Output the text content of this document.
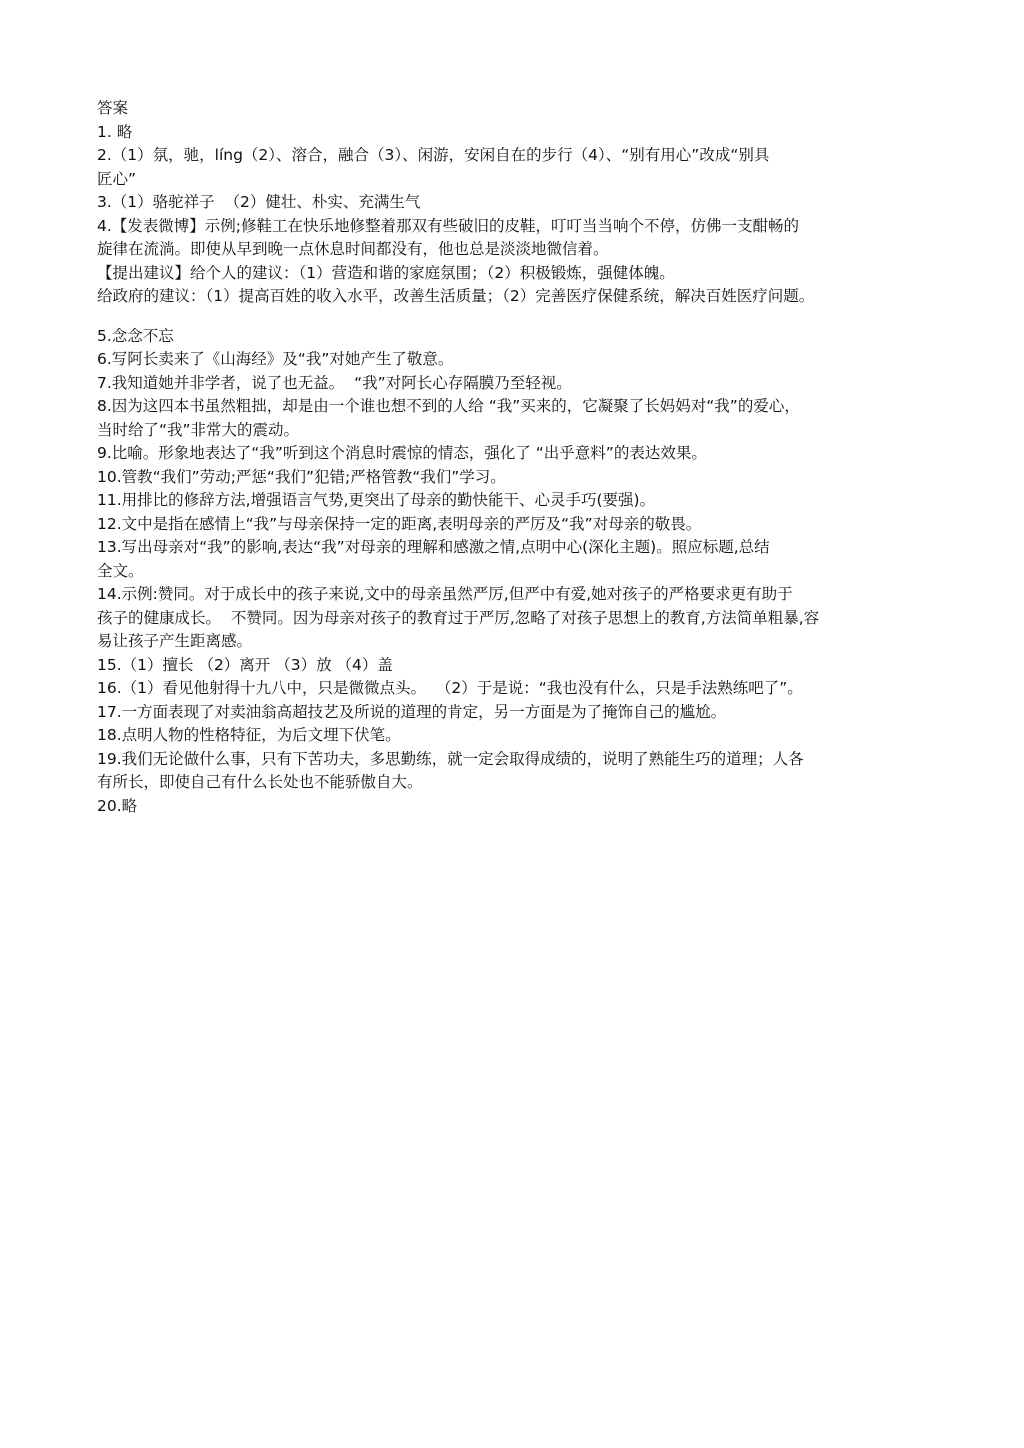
答案
1. 略
2.（1）氛，驰，líng（2）、溶合，融合（3）、闲游，安闲自在的步行（4）、“别有用心”改成“别具
匠心”
3.（1）骆驼祥子  （2）健壮、朴实、充满生气
4.【发表微博】示例;修鞋工在快乐地修整着那双有些破旧的皮鞋，叮叮当当响个不停，仿佛一支酣畅的
旋律在流淌。即使从早到晚一点休息时间都没有，他也总是淡淡地微信着。
【提出建议】给个人的建议：（1）营造和谐的家庭氛围；（2）积极锻炼，强健体魄。
给政府的建议：（1）提高百姓的收入水平，改善生活质量；（2）完善医疗保健系统，解决百姓医疗问题。
5.念念不忘
6.写阿长卖来了《山海经》及“我”对她产生了敬意。
7.我知道她并非学者，说了也无益。  “我”对阿长心存隔膜乃至轻视。
8.因为这四本书虽然粗拙，却是由一个谁也想不到的人给 “我”买来的，它凝聚了长妈妈对“我”的爱心，
当时给了“我”非常大的震动。
9.比喻。形象地表达了“我”听到这个消息时震惊的情态，强化了 “出乎意料”的表达效果。
10.管教“我们”劳动;严惩“我们”犯错;严格管教“我们”学习。
11.用排比的修辞方法,增强语言气势,更突出了母亲的勤快能干、心灵手巧(要强)。
12.文中是指在感情上“我”与母亲保持一定的距离,表明母亲的严厉及“我”对母亲的敬畏。
13.写出母亲对“我”的影响,表达“我”对母亲的理解和感激之情,点明中心(深化主题)。照应标题,总结
全文。
14.示例:赞同。对于成长中的孩子来说,文中的母亲虽然严厉,但严中有爱,她对孩子的严格要求更有助于
孩子的健康成长。  不赞同。因为母亲对孩子的教育过于严厉,忽略了对孩子思想上的教育,方法简单粗暴,容
易让孩子产生距离感。
15.（1）擅长 （2）离开 （3）放 （4）盖
16.（1）看见他射得十九八中，只是微微点头。  （2）于是说：“我也没有什么，只是手法熟练吧了”。
17.一方面表现了对卖油翁高超技艺及所说的道理的肯定，另一方面是为了掩饰自己的尴尬。
18.点明人物的性格特征，为后文埋下伏笔。
19.我们无论做什么事，只有下苦功夫，多思勤练，就一定会取得成绩的，说明了熟能生巧的道理；人各
有所长，即使自己有什么长处也不能骄傲自大。
20.略
